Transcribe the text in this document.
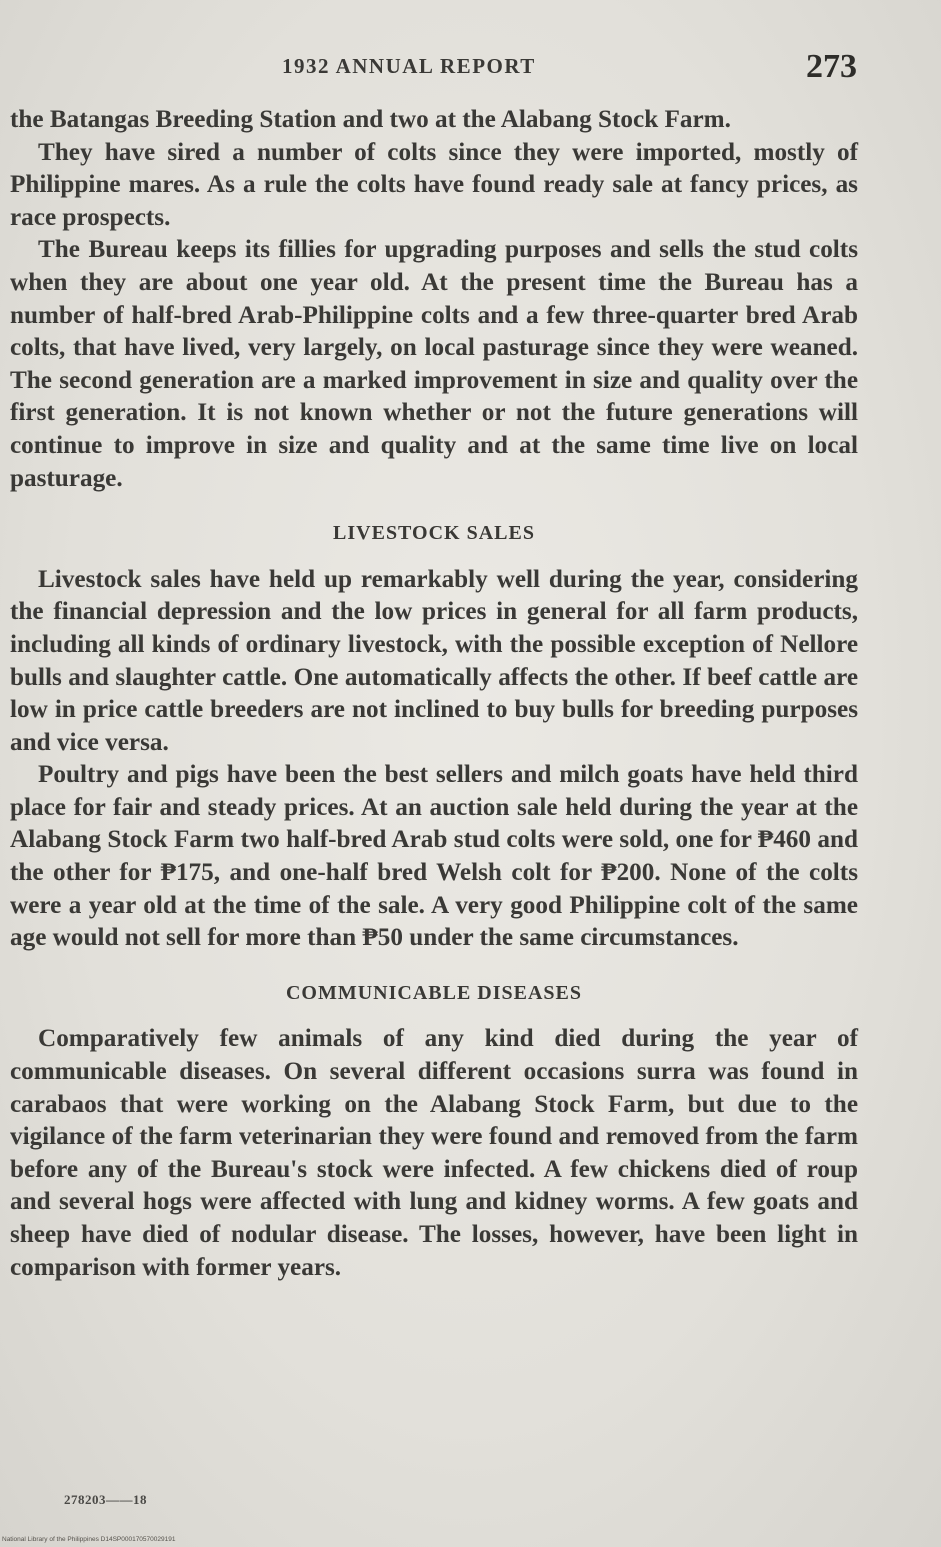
1932 ANNUAL REPORT	273

the Batangas Breeding Station and two at the Alabang Stock Farm.

They have sired a number of colts since they were imported, mostly of Philippine mares. As a rule the colts have found ready sale at fancy prices, as race prospects.

The Bureau keeps its fillies for upgrading purposes and sells the stud colts when they are about one year old. At the present time the Bureau has a number of half-bred Arab-Philippine colts and a few three-quarter bred Arab colts, that have lived, very largely, on local pasturage since they were weaned. The second generation are a marked improvement in size and quality over the first generation. It is not known whether or not the future generations will continue to improve in size and quality and at the same time live on local pasturage.

LIVESTOCK SALES

Livestock sales have held up remarkably well during the year, considering the financial depression and the low prices in general for all farm products, including all kinds of ordinary livestock, with the possible exception of Nellore bulls and slaughter cattle. One automatically affects the other. If beef cattle are low in price cattle breeders are not inclined to buy bulls for breeding purposes and vice versa.

Poultry and pigs have been the best sellers and milch goats have held third place for fair and steady prices. At an auction sale held during the year at the Alabang Stock Farm two half-bred Arab stud colts were sold, one for ₱460 and the other for ₱175, and one-half bred Welsh colt for ₱200. None of the colts were a year old at the time of the sale. A very good Philippine colt of the same age would not sell for more than ₱50 under the same circumstances.

COMMUNICABLE DISEASES

Comparatively few animals of any kind died during the year of communicable diseases. On several different occasions surra was found in carabaos that were working on the Alabang Stock Farm, but due to the vigilance of the farm veterinarian they were found and removed from the farm before any of the Bureau's stock were infected. A few chickens died of roup and several hogs were affected with lung and kidney worms. A few goats and sheep have died of nodular disease. The losses, however, have been light in comparison with former years.

278203——18
National Library of the Philippines D14SP000170570029191
